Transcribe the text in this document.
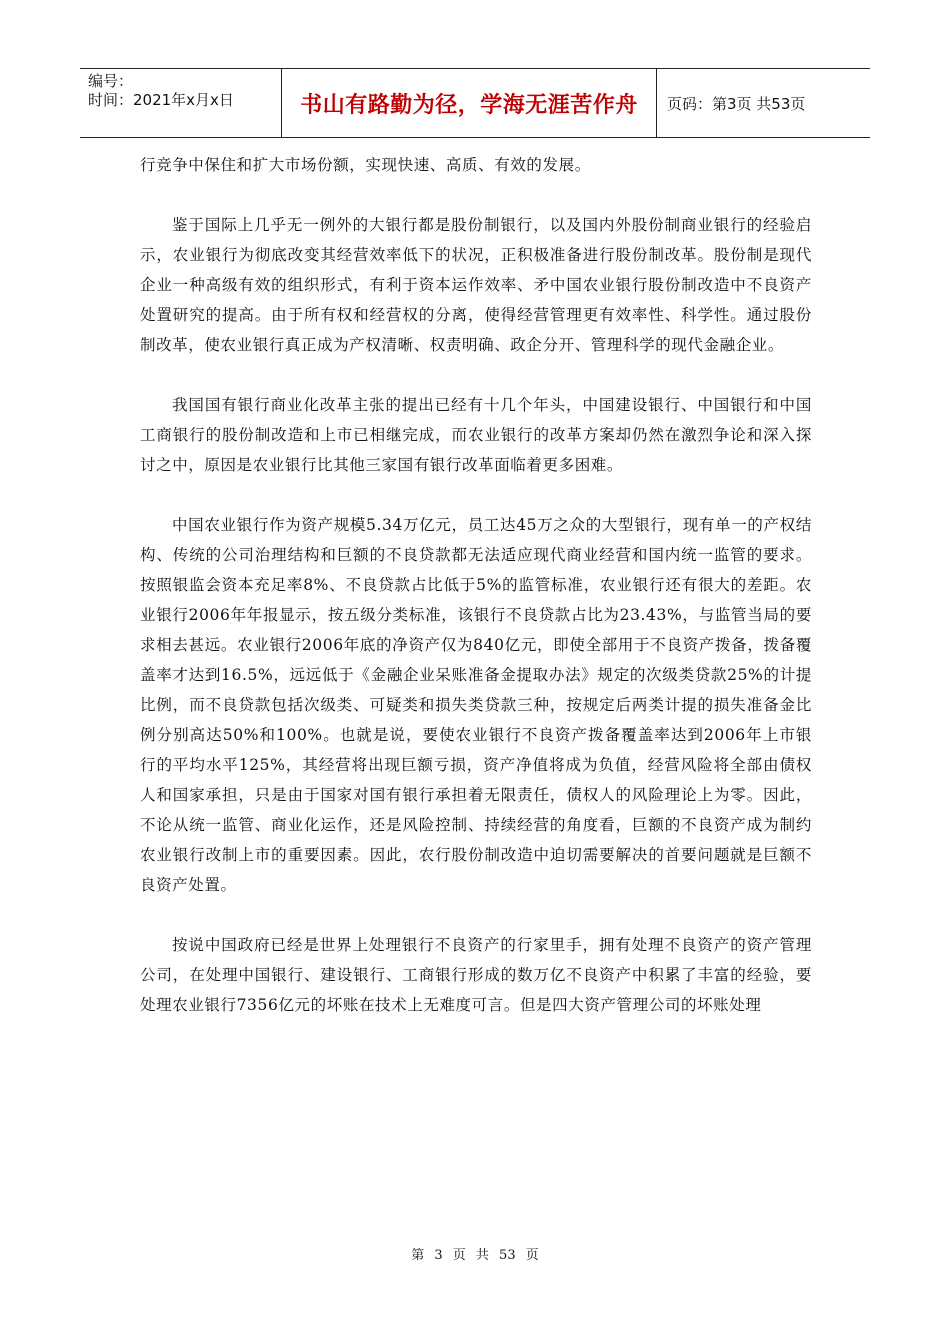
编号：
时间：2021年x月x日	书山有路勤为径，学海无涯苦作舟 页码：第3页 共53页

行竞争中保住和扩大市场份额，实现快速、高质、有效的发展。

鉴于国际上几乎无一例外的大银行都是股份制银行，以及国内外股份制商业银行的经验启示，农业银行为彻底改变其经营效率低下的状况，正积极准备进行股份制改革。股份制是现代企业一种高级有效的组织形式，有利于资本运作效率、矛中国农业银行股份制改造中不良资产处置研究的提高。由于所有权和经营权的分离，使得经营管理更有效率性、科学性。通过股份制改革，使农业银行真正成为产权清晰、权责明确、政企分开、管理科学的现代金融企业。

我国国有银行商业化改革主张的提出已经有十几个年头，中国建设银行、中国银行和中国工商银行的股份制改造和上市已相继完成，而农业银行的改革方案却仍然在激烈争论和深入探讨之中，原因是农业银行比其他三家国有银行改革面临着更多困难。

中国农业银行作为资产规模5.34万亿元，员工达45万之众的大型银行，现有单一的产权结构、传统的公司治理结构和巨额的不良贷款都无法适应现代商业经营和国内统一监管的要求。按照银监会资本充足率8%、不良贷款占比低于5%的监管标准，农业银行还有很大的差距。农业银行2006年年报显示，按五级分类标准，该银行不良贷款占比为23.43%，与监管当局的要求相去甚远。农业银行2006年底的净资产仅为840亿元，即使全部用于不良资产拨备，拨备覆盖率才达到16.5%，远远低于《金融企业呆账准备金提取办法》规定的次级类贷款25%的计提比例，而不良贷款包括次级类、可疑类和损失类贷款三种，按规定后两类计提的损失准备金比例分别高达50%和100%。也就是说，要使农业银行不良资产拨备覆盖率达到2006年上市银行的平均水平125%，其经营将出现巨额亏损，资产净值将成为负值，经营风险将全部由债权人和国家承担，只是由于国家对国有银行承担着无限责任，债权人的风险理论上为零。因此，不论从统一监管、商业化运作，还是风险控制、持续经营的角度看，巨额的不良资产成为制约农业银行改制上市的重要因素。因此，农行股份制改造中迫切需要解决的首要问题就是巨额不良资产处置。

按说中国政府已经是世界上处理银行不良资产的行家里手，拥有处理不良资产的资产管理公司，在处理中国银行、建设银行、工商银行形成的数万亿不良资产中积累了丰富的经验，要处理农业银行7356亿元的坏账在技术上无难度可言。但是四大资产管理公司的坏账处理

第 3 页 共 53 页
